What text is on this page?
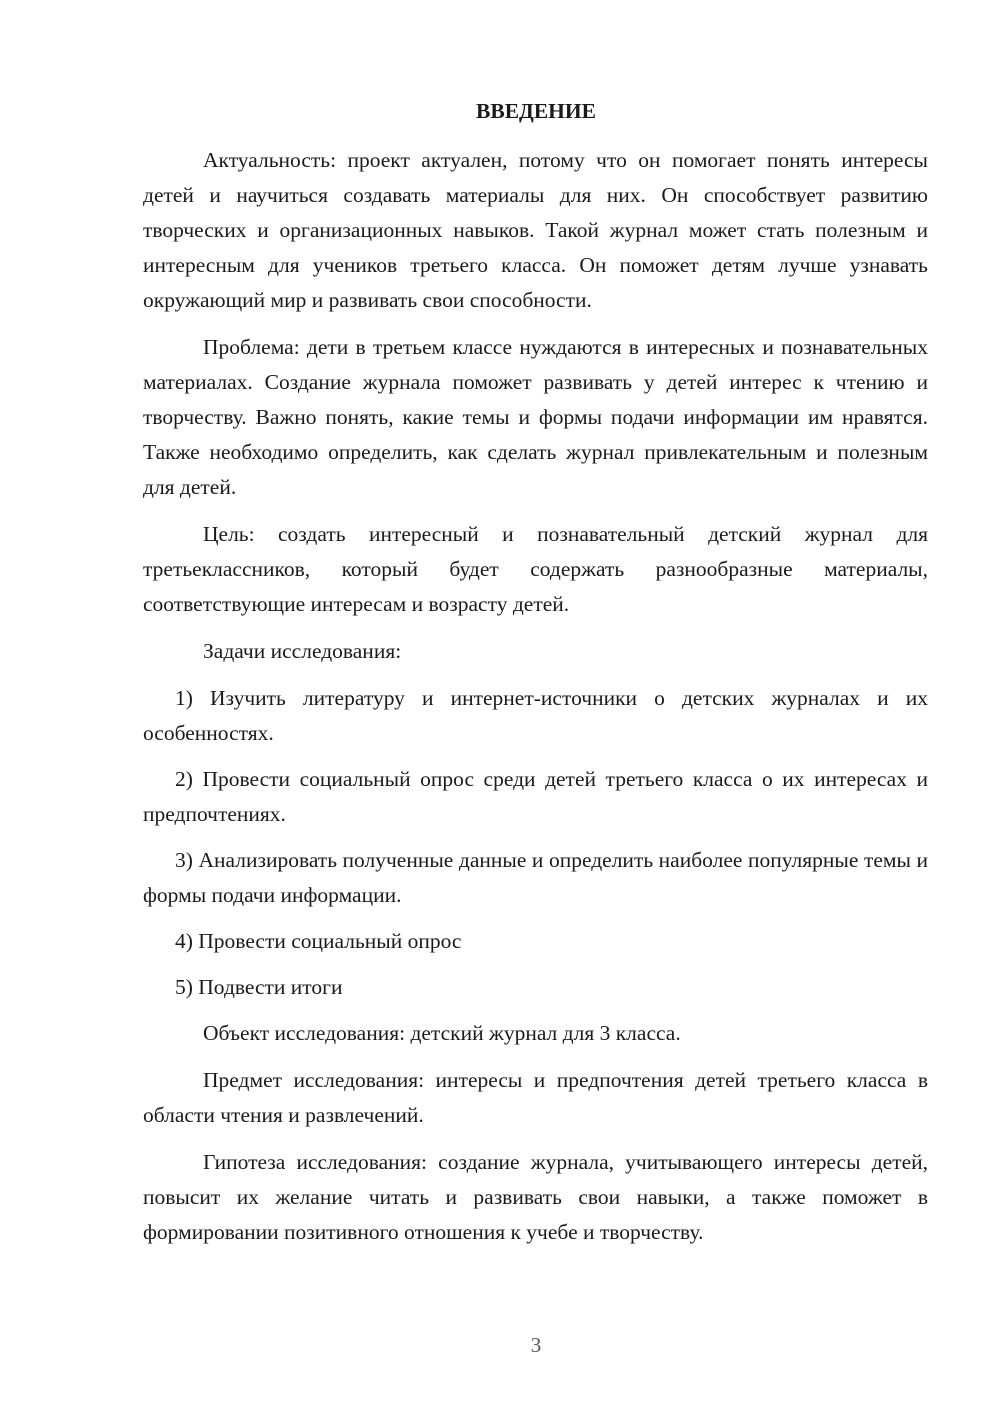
ВВЕДЕНИЕ

Актуальность: проект актуален, потому что он помогает понять интересы детей и научиться создавать материалы для них. Он способствует развитию творческих и организационных навыков. Такой журнал может стать полезным и интересным для учеников третьего класса. Он поможет детям лучше узнавать окружающий мир и развивать свои способности.

Проблема: дети в третьем классе нуждаются в интересных и познавательных материалах. Создание журнала поможет развивать у детей интерес к чтению и творчеству. Важно понять, какие темы и формы подачи информации им нравятся. Также необходимо определить, как сделать журнал привлекательным и полезным для детей.

Цель: создать интересный и познавательный детский журнал для третьеклассников, который будет содержать разнообразные материалы, соответствующие интересам и возрасту детей.

Задачи исследования:

1) Изучить литературу и интернет-источники о детских журналах и их особенностях.

2) Провести социальный опрос среди детей третьего класса о их интересах и предпочтениях.

3) Анализировать полученные данные и определить наиболее популярные темы и формы подачи информации.

4) Провести социальный опрос

5) Подвести итоги

Объект исследования: детский журнал для 3 класса.

Предмет исследования: интересы и предпочтения детей третьего класса в области чтения и развлечений.

Гипотеза исследования: создание журнала, учитывающего интересы детей, повысит их желание читать и развивать свои навыки, а также поможет в формировании позитивного отношения к учебе и творчеству.

3
